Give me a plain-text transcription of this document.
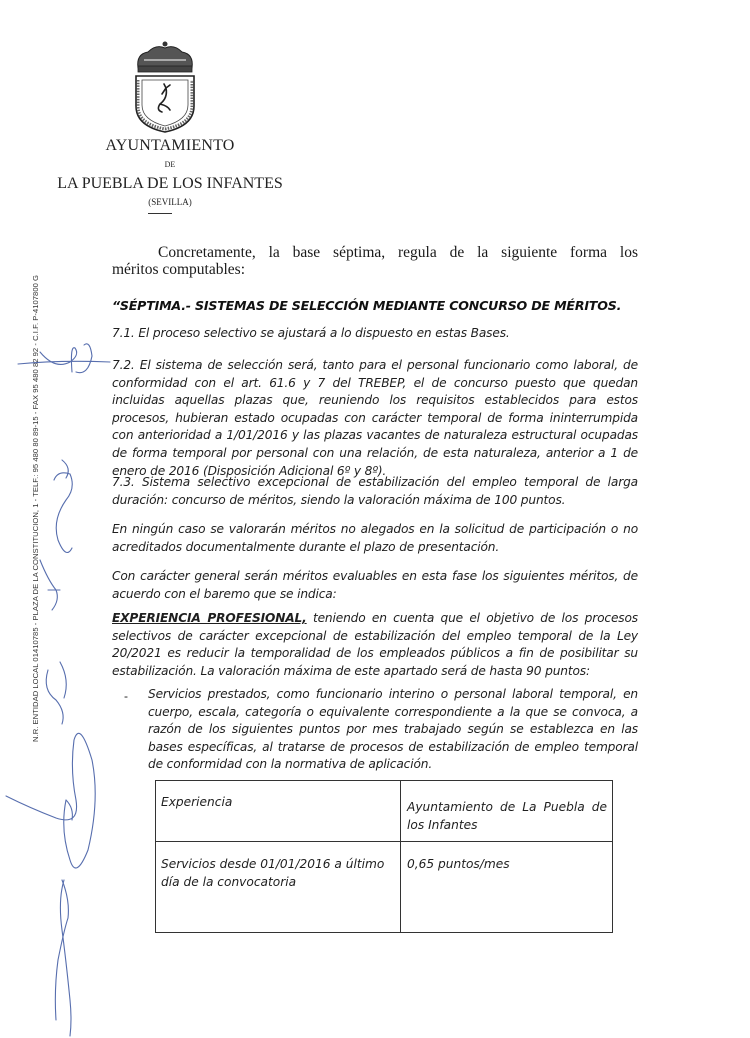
AYUNTAMIENTO
DE
LA PUEBLA DE LOS INFANTES
(SEVILLA)
N.R. ENTIDAD LOCAL 01410785 - PLAZA DE LA CONSTITUCION, 1 - TELF.: 95 480 80 89-15 - FAX 95 480 82 92 - C.I.F. P-4107800 G
Concretamente, la base séptima, regula de la siguiente forma los
méritos computables:
“SÉPTIMA.- SISTEMAS DE SELECCIÓN MEDIANTE CONCURSO DE MÉRITOS.
7.1. El proceso selectivo se ajustará a lo dispuesto en estas Bases.
7.2. El sistema de selección será, tanto para el personal funcionario como laboral, de conformidad con el art. 61.6 y 7 del TREBEP, el de concurso puesto que quedan incluidas aquellas plazas que, reuniendo los requisitos establecidos para estos procesos, hubieran estado ocupadas con carácter temporal de forma ininterrumpida con anterioridad a 1/01/2016 y las plazas vacantes de naturaleza estructural ocupadas de forma temporal por personal con una relación, de esta naturaleza, anterior a 1 de enero de 2016 (Disposición Adicional 6º y 8º).
7.3. Sistema selectivo excepcional de estabilización del empleo temporal de larga duración: concurso de méritos, siendo la valoración máxima de 100 puntos.
En ningún caso se valorarán méritos no alegados en la solicitud de participación o no acreditados documentalmente durante el plazo de presentación.
Con carácter general serán méritos evaluables en esta fase los siguientes méritos, de acuerdo con el baremo que se indica:
EXPERIENCIA PROFESIONAL, teniendo en cuenta que el objetivo de los procesos selectivos de carácter excepcional de estabilización del empleo temporal de la Ley 20/2021 es reducir la temporalidad de los empleados públicos a fin de posibilitar su estabilización. La valoración máxima de este apartado será de hasta 90 puntos:
- Servicios prestados, como funcionario interino o personal laboral temporal, en cuerpo, escala, categoría o equivalente correspondiente a la que se convoca, a razón de los siguientes puntos por mes trabajado según se establezca en las bases específicas, al tratarse de procesos de estabilización de empleo temporal de conformidad con la normativa de aplicación.
Experiencia	Ayuntamiento de La Puebla de los Infantes
Servicios desde 01/01/2016 a último día de la convocatoria
0,65 puntos/mes
